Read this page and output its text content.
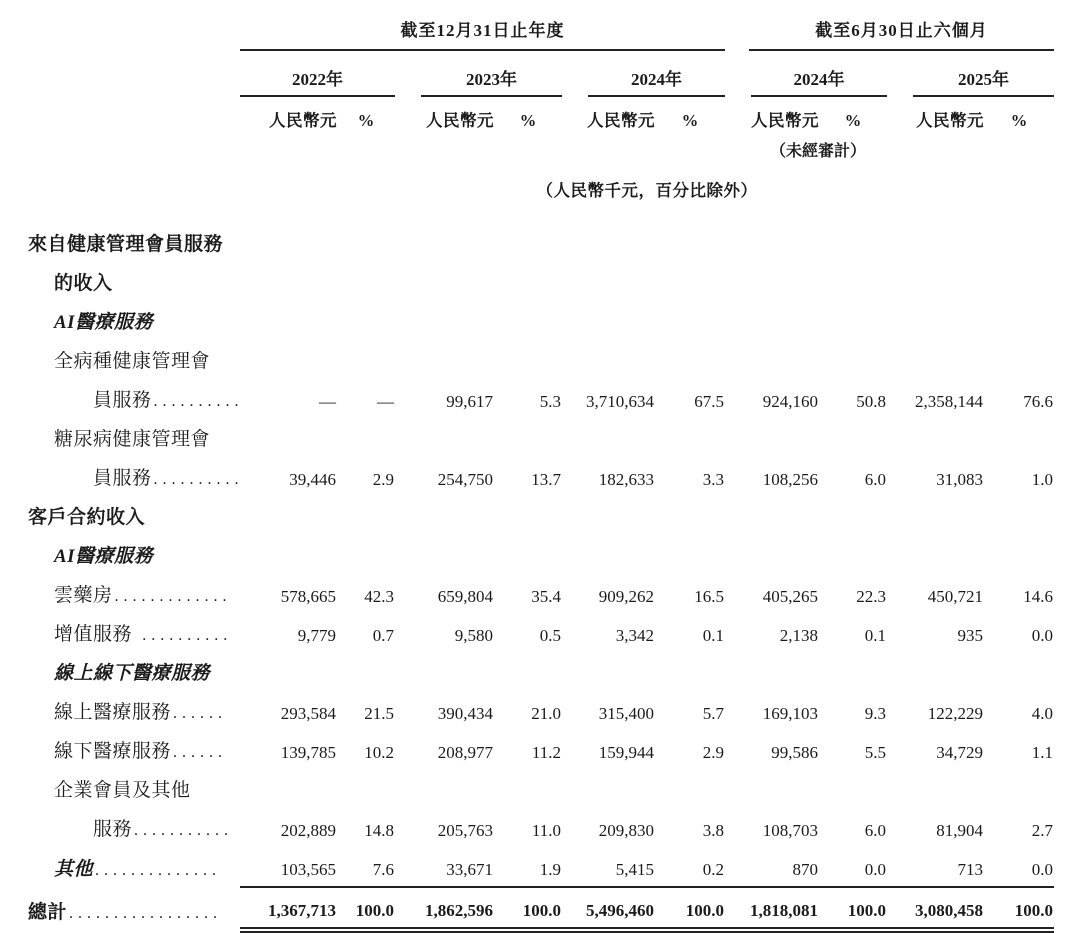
	截至12月31日止年度						截至6月30日止六個月			

	2022年		2023年		2024年		2024年		2025年	

	人民幣元	%	人民幣元	%	人民幣元	%	人民幣元	%	人民幣元	%

							（未經審計）			

	（人民幣千元，百分比除外）									

來自健康管理會員服務										
的收入										
AI醫療服務										
全病種健康管理會										
員服務 ..........	—	—	99,617	5.3	3,710,634	67.5	924,160	50.8	2,358,144	76.6
糖尿病健康管理會										
員服務 ..........	39,446	2.9	254,750	13.7	182,633	3.3	108,256	6.0	31,083	1.0
客戶合約收入										
AI醫療服務										
雲藥房 .............	578,665	42.3	659,804	35.4	909,262	16.5	405,265	22.3	450,721	14.6
增值服務 ..........	9,779	0.7	9,580	0.5	3,342	0.1	2,138	0.1	935	0.0
線上線下醫療服務										
線上醫療服務 ......	293,584	21.5	390,434	21.0	315,400	5.7	169,103	9.3	122,229	4.0
線下醫療服務 ......	139,785	10.2	208,977	11.2	159,944	2.9	99,586	5.5	34,729	1.1
企業會員及其他										
服務 ...........	202,889	14.8	205,763	11.0	209,830	3.8	108,703	6.0	81,904	2.7
其他 ..............	103,565	7.6	33,671	1.9	5,415	0.2	870	0.0	713	0.0
總計 .................	1,367,713	100.0	1,862,596	100.0	5,496,460	100.0	1,818,081	100.0	3,080,458	100.0
